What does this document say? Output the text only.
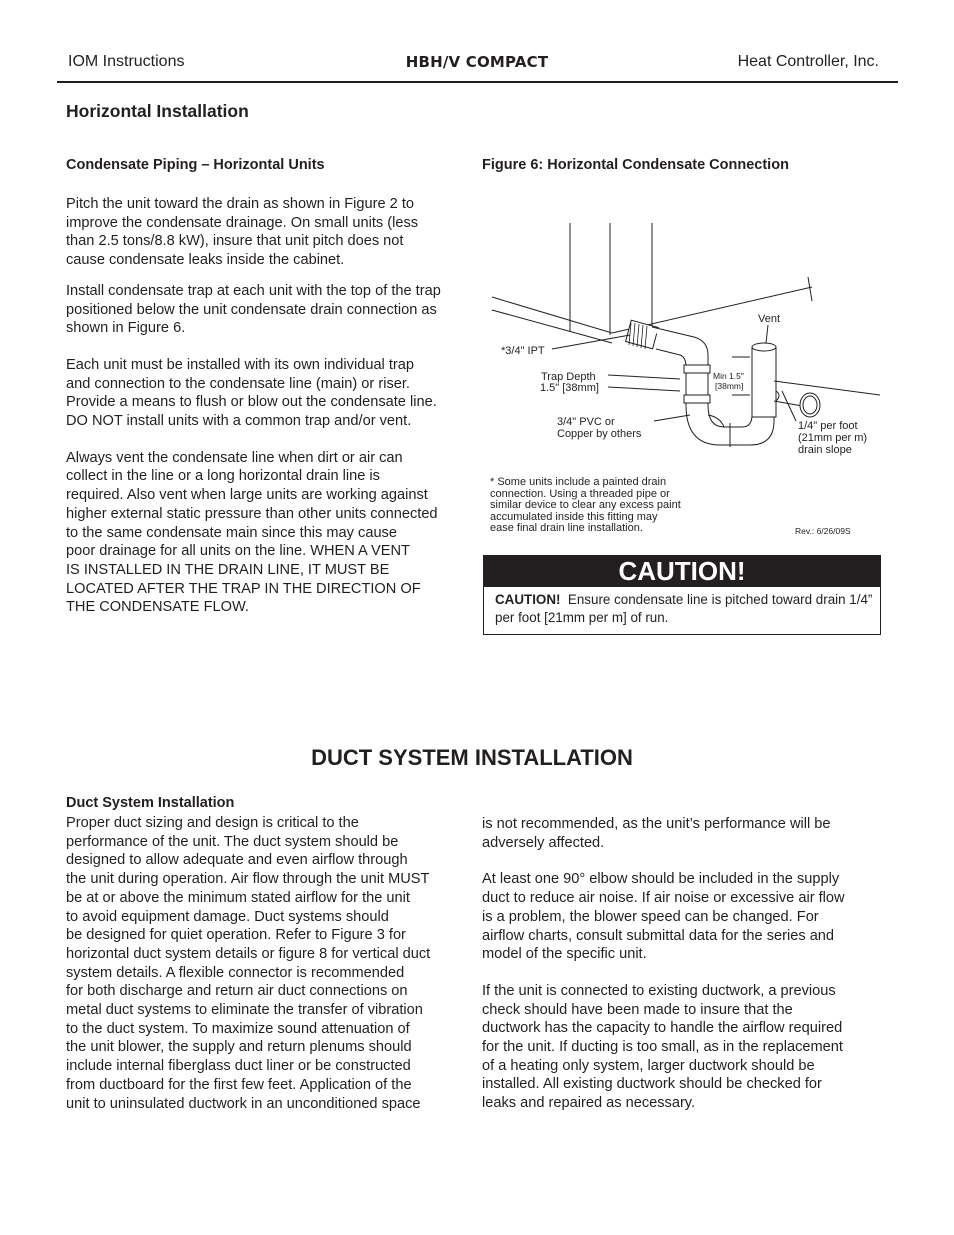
IOM Instructions	HBH/V COMPACT	Heat Controller, Inc.
Horizontal Installation
Condensate Piping – Horizontal Units

Pitch the unit toward the drain as shown in Figure 2 to
improve the condensate drainage. On small units (less
than 2.5 tons/8.8 kW), insure that unit pitch does not
cause condensate leaks inside the cabinet.

Install condensate trap at each unit with the top of the trap
positioned below the unit condensate drain connection as
shown in Figure 6.

Each unit must be installed with its own individual trap
and connection to the condensate line (main) or riser.
Provide a means to flush or blow out the condensate line.
DO NOT install units with a common trap and/or vent.

Always vent the condensate line when dirt or air can
collect in the line or a long horizontal drain line is
required. Also vent when large units are working against
higher external static pressure than other units connected
to the same condensate main since this may cause
poor drainage for all units on the line. WHEN A VENT
IS INSTALLED IN THE DRAIN LINE, IT MUST BE
LOCATED AFTER THE TRAP IN THE DIRECTION OF
THE CONDENSATE FLOW.

Figure 6: Horizontal Condensate Connection
Vent
*3/4" IPT
Trap Depth
1.5" [38mm]
Min 1.5"
[38mm]
3/4" PVC or
Copper by others
1/4" per foot
(21mm per m)
drain slope
* Some units include a painted drain
connection. Using a threaded pipe or
similar device to clear any excess paint
accumulated inside this fitting may
ease final drain line installation.	Rev.: 6/26/09S
CAUTION!
CAUTION! Ensure condensate line is pitched toward drain 1/4” per foot [21mm per m] of run.
DUCT SYSTEM INSTALLATION
Duct System Installation

Proper duct sizing and design is critical to the
performance of the unit. The duct system should be
designed to allow adequate and even airflow through
the unit during operation. Air flow through the unit MUST
be at or above the minimum stated airflow for the unit
to avoid equipment damage. Duct systems should
be designed for quiet operation. Refer to Figure 3 for
horizontal duct system details or figure 8 for vertical duct
system details. A flexible connector is recommended
for both discharge and return air duct connections on
metal duct systems to eliminate the transfer of vibration
to the duct system. To maximize sound attenuation of
the unit blower, the supply and return plenums should
include internal fiberglass duct liner or be constructed
from ductboard for the first few feet. Application of the
unit to uninsulated ductwork in an unconditioned space

is not recommended, as the unit’s performance will be
adversely affected.

At least one 90° elbow should be included in the supply
duct to reduce air noise. If air noise or excessive air flow
is a problem, the blower speed can be changed. For
airflow charts, consult submittal data for the series and
model of the specific unit.

If the unit is connected to existing ductwork, a previous
check should have been made to insure that the
ductwork has the capacity to handle the airflow required
for the unit. If ducting is too small, as in the replacement
of a heating only system, larger ductwork should be
installed. All existing ductwork should be checked for
leaks and repaired as necessary.
